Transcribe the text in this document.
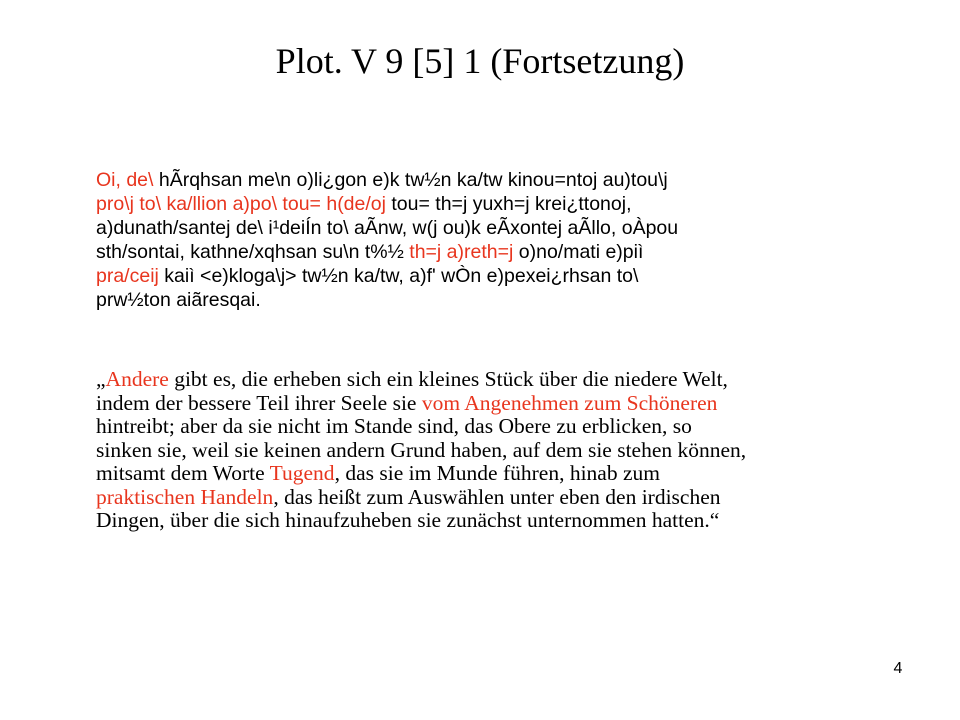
Plot. V 9 [5] 1 (Fortsetzung)
Oi, de\ hÃrqhsan me\n o)li¿gon e)k tw½n ka/tw kinou=ntoj au)tou\j
pro\j to\ ka/llion a)po\ tou= h(de/oj tou= th=j yuxh=j krei¿ttonoj,
a)dunath/santej de\ i¹deiÍn to\ aÃnw, w(j ou)k eÃxontej aÃllo, oÀpou
sth/sontai, kathne/xqhsan su\n t%½ th=j a)reth=j o)no/mati e)piì
pra/ceij kaiì <e)kloga\j> tw½n ka/tw, a)f' wÒn e)pexei¿rhsan to\
prw½ton aiãresqai.
„Andere gibt es, die erheben sich ein kleines Stück über die niedere Welt,
indem der bessere Teil ihrer Seele sie vom Angenehmen zum Schöneren
hintreibt; aber da sie nicht im Stande sind, das Obere zu erblicken, so
sinken sie, weil sie keinen andern Grund haben, auf dem sie stehen können,
mitsamt dem Worte Tugend, das sie im Munde führen, hinab zum
praktischen Handeln, das heißt zum Auswählen unter eben den irdischen
Dingen, über die sich hinaufzuheben sie zunächst unternommen hatten.“
4
